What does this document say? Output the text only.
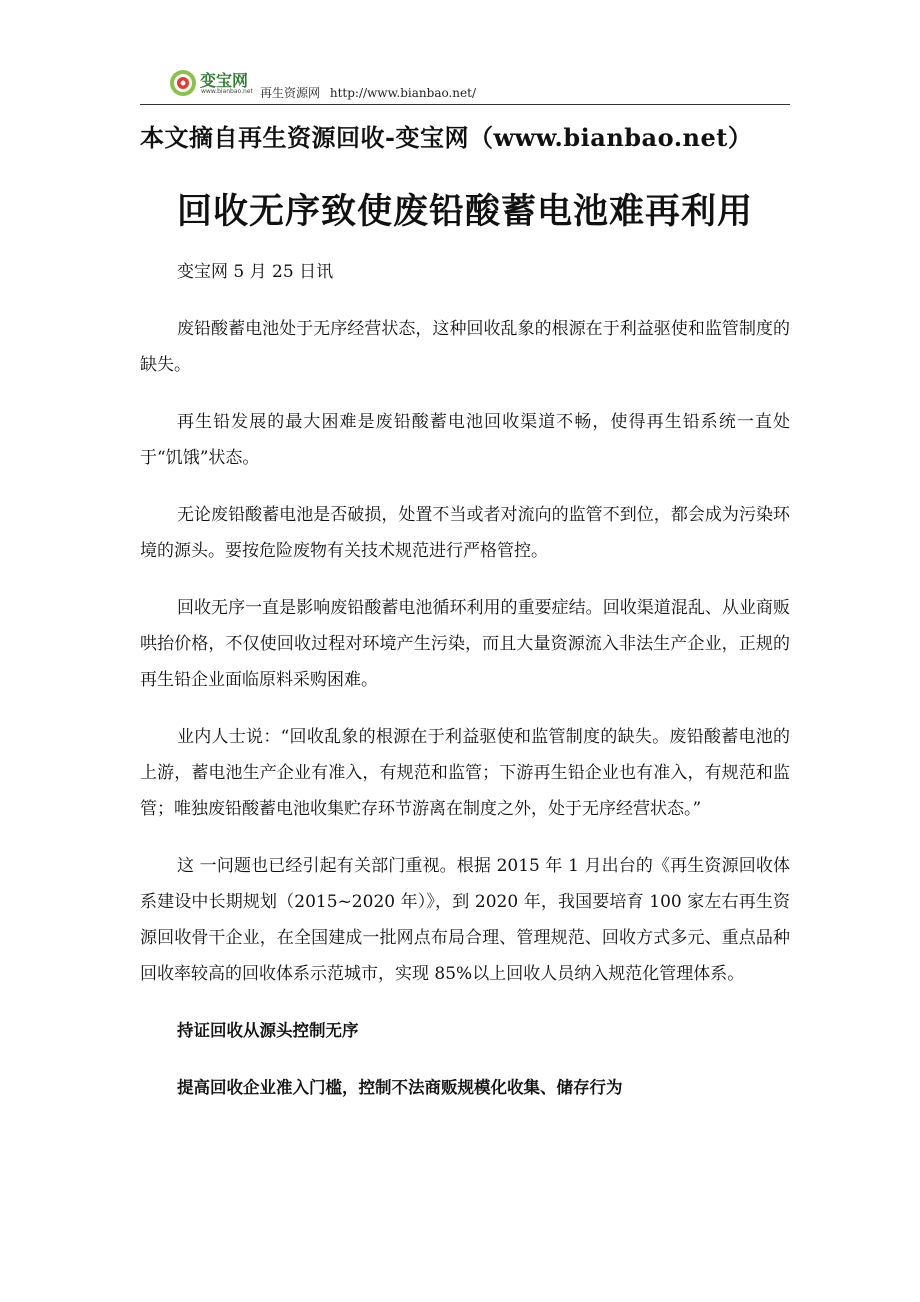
变宝网
www.bianbao.net 再生资源网 http://www.bianbao.net/
本文摘自再生资源回收-变宝网（www.bianbao.net）
回收无序致使废铅酸蓄电池难再利用

变宝网 5 月 25 日讯

废铅酸蓄电池处于无序经营状态，这种回收乱象的根源在于利益驱使和监管制度的缺失。

再生铅发展的最大困难是废铅酸蓄电池回收渠道不畅，使得再生铅系统一直处于“饥饿”状态。

无论废铅酸蓄电池是否破损，处置不当或者对流向的监管不到位，都会成为污染环境的源头。要按危险废物有关技术规范进行严格管控。

回收无序一直是影响废铅酸蓄电池循环利用的重要症结。回收渠道混乱、从业商贩哄抬价格，不仅使回收过程对环境产生污染，而且大量资源流入非法生产企业，正规的再生铅企业面临原料采购困难。

业内人士说：“回收乱象的根源在于利益驱使和监管制度的缺失。废铅酸蓄电池的上游，蓄电池生产企业有准入，有规范和监管；下游再生铅企业也有准入，有规范和监管；唯独废铅酸蓄电池收集贮存环节游离在制度之外，处于无序经营状态。”

这 一问题也已经引起有关部门重视。根据 2015 年 1 月出台的《再生资源回收体系建设中长期规划（2015~2020 年）》，到 2020 年，我国要培育 100 家左右再生资源回收骨干企业，在全国建成一批网点布局合理、管理规范、回收方式多元、重点品种回收率较高的回收体系示范城市，实现 85%以上回收人员纳入规范化管理体系。

持证回收从源头控制无序

提高回收企业准入门槛，控制不法商贩规模化收集、储存行为
